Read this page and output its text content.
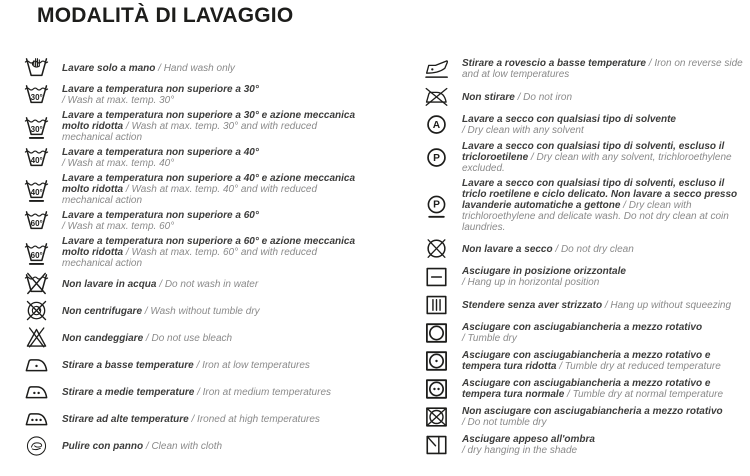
MODALITÀ DI LAVAGGIO

Lavare solo a mano / Hand wash only

30°

Lavare a temperatura non superiore a 30°
/ Wash at max. temp. 30°

30°

Lavare a temperatura non superiore a 30° e azione meccanica molto ridotta / Wash at max. temp. 30° and with reduced mechanical action

40°

Lavare a temperatura non superiore a 40°
/ Wash at max. temp. 40°

40°

Lavare a temperatura non superiore a 40° e azione meccanica molto ridotta / Wash at max. temp. 40° and with reduced mechanical action

60°

Lavare a temperatura non superiore a 60°
/ Wash at max. temp. 60°

60°

Lavare a temperatura non superiore a 60° e azione meccanica molto ridotta / Wash at max. temp. 60° and with reduced mechanical action

Non lavare in acqua / Do not wash in water

Non centrifugare / Wash without tumble dry

Non candeggiare / Do not use bleach

Stirare a basse temperature / Iron at low temperatures

Stirare a medie temperature / Iron at medium temperatures

Stirare ad alte temperature / Ironed at high temperatures

Pulire con panno / Clean with cloth

Stirare a rovescio a basse temperature / Iron on reverse side and at low temperatures

Non stirare / Do not iron

A

Lavare a secco con qualsiasi tipo di solvente
/ Dry clean with any solvent

P

Lavare a secco con qualsiasi tipo di solventi, escluso il tricloroetilene / Dry clean with any solvent, trichloroethylene excluded.

P

Lavare a secco con qualsiasi tipo di solventi, escluso il triclo roetilene e ciclo delicato. Non lavare a secco presso lavanderie automatiche a gettone / Dry clean with trichloroethylene and delicate wash. Do not dry clean at coin laundries.

Non lavare a secco / Do not dry clean

Asciugare in posizione orizzontale
/ Hang up in horizontal position

Stendere senza aver strizzato / Hang up without squeezing

Asciugare con asciugabiancheria a mezzo rotativo
/ Tumble dry

Asciugare con asciugabiancheria a mezzo rotativo e tempera tura ridotta / Tumble dry at reduced temperature

Asciugare con asciugabiancheria a mezzo rotativo e tempera tura normale / Tumble dry at normal temperature

Non asciugare con asciugabiancheria a mezzo rotativo
/ Do not tumble dry

Asciugare appeso all'ombra
/ dry hanging in the shade
